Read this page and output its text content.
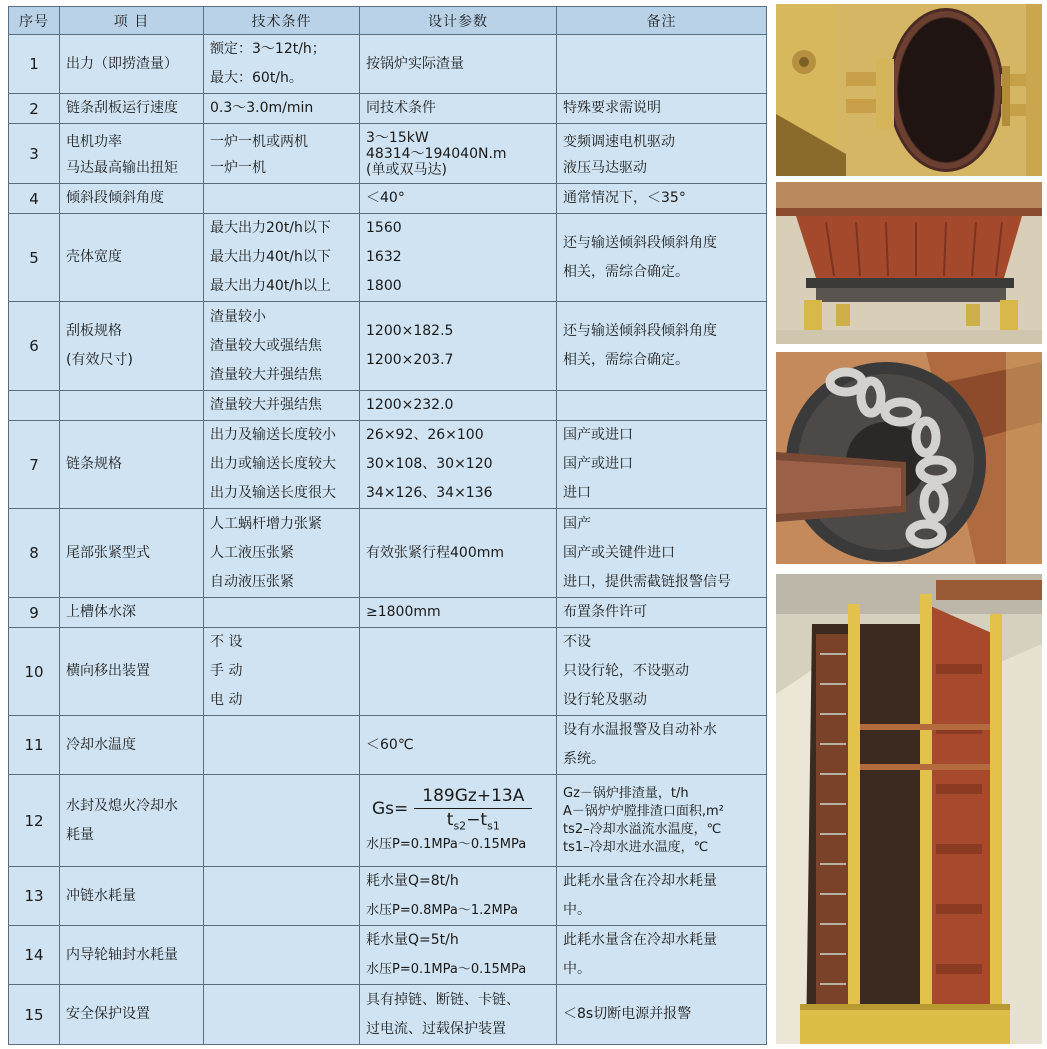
序号	项 目	技术条件	设计参数	备注
1	出力（即捞渣量）	额定：3～12t/h；
最大：60t/h。	按锅炉实际渣量	

2	链条刮板运行速度	0.3～3.0m/min	同技术条件	特殊要求需说明

3	电机功率
马达最高输出扭矩	一炉一机或两机
一炉一机	3～15kW
48314～194040N.m
(单或双马达)	变频调速电机驱动
液压马达驱动

4	倾斜段倾斜角度		＜40°	通常情况下，＜35°

5	壳体宽度	最大出力20t/h以下
最大出力40t/h以下
最大出力40t/h以上	1560
1632
1800	还与输送倾斜段倾斜角度
相关，需综合确定。

6	刮板规格
(有效尺寸)	渣量较小
渣量较大或强结焦
渣量较大并强结焦	1200×182.5
1200×203.7	还与输送倾斜段倾斜角度
相关，需综合确定。

		渣量较大并强结焦	1200×232.0	

7	链条规格	出力及输送长度较小
出力或输送长度较大
出力及输送长度很大	26×92、26×100
30×108、30×120
34×126、34×136	国产或进口
国产或进口
进口

8	尾部张紧型式	人工蜗杆增力张紧
人工液压张紧
自动液压张紧	有效张紧行程400mm	国产
国产或关键件进口
进口，提供需截链报警信号

9	上槽体水深		≥1800mm	布置条件许可

10	横向移出装置	不 设
手 动
电 动		不设
只设行轮，不设驱动
设行轮及驱动

11	冷却水温度		＜60℃	设有水温报警及自动补水
系统。

12	水封及熄火冷却水
耗量		$Gs= \frac{189Gz+13A}{t_{s2}-t_{s1}}$
水压P=0.1MPa～0.15MPa	Gz－锅炉排渣量，t/h
A－锅炉炉膛排渣口面积,m²
ts2–冷却水溢流水温度，℃
ts1–冷却水进水温度，℃

13	冲链水耗量		耗水量Q=8t/h
水压P=0.8MPa～1.2MPa	此耗水量含在冷却水耗量
中。

14	内导轮轴封水耗量		耗水量Q=5t/h
水压P=0.1MPa～0.15MPa	此耗水量含在冷却水耗量
中。

15	安全保护设置		具有掉链、断链、卡链、
过电流、过载保护装置	＜8s切断电源并报警
